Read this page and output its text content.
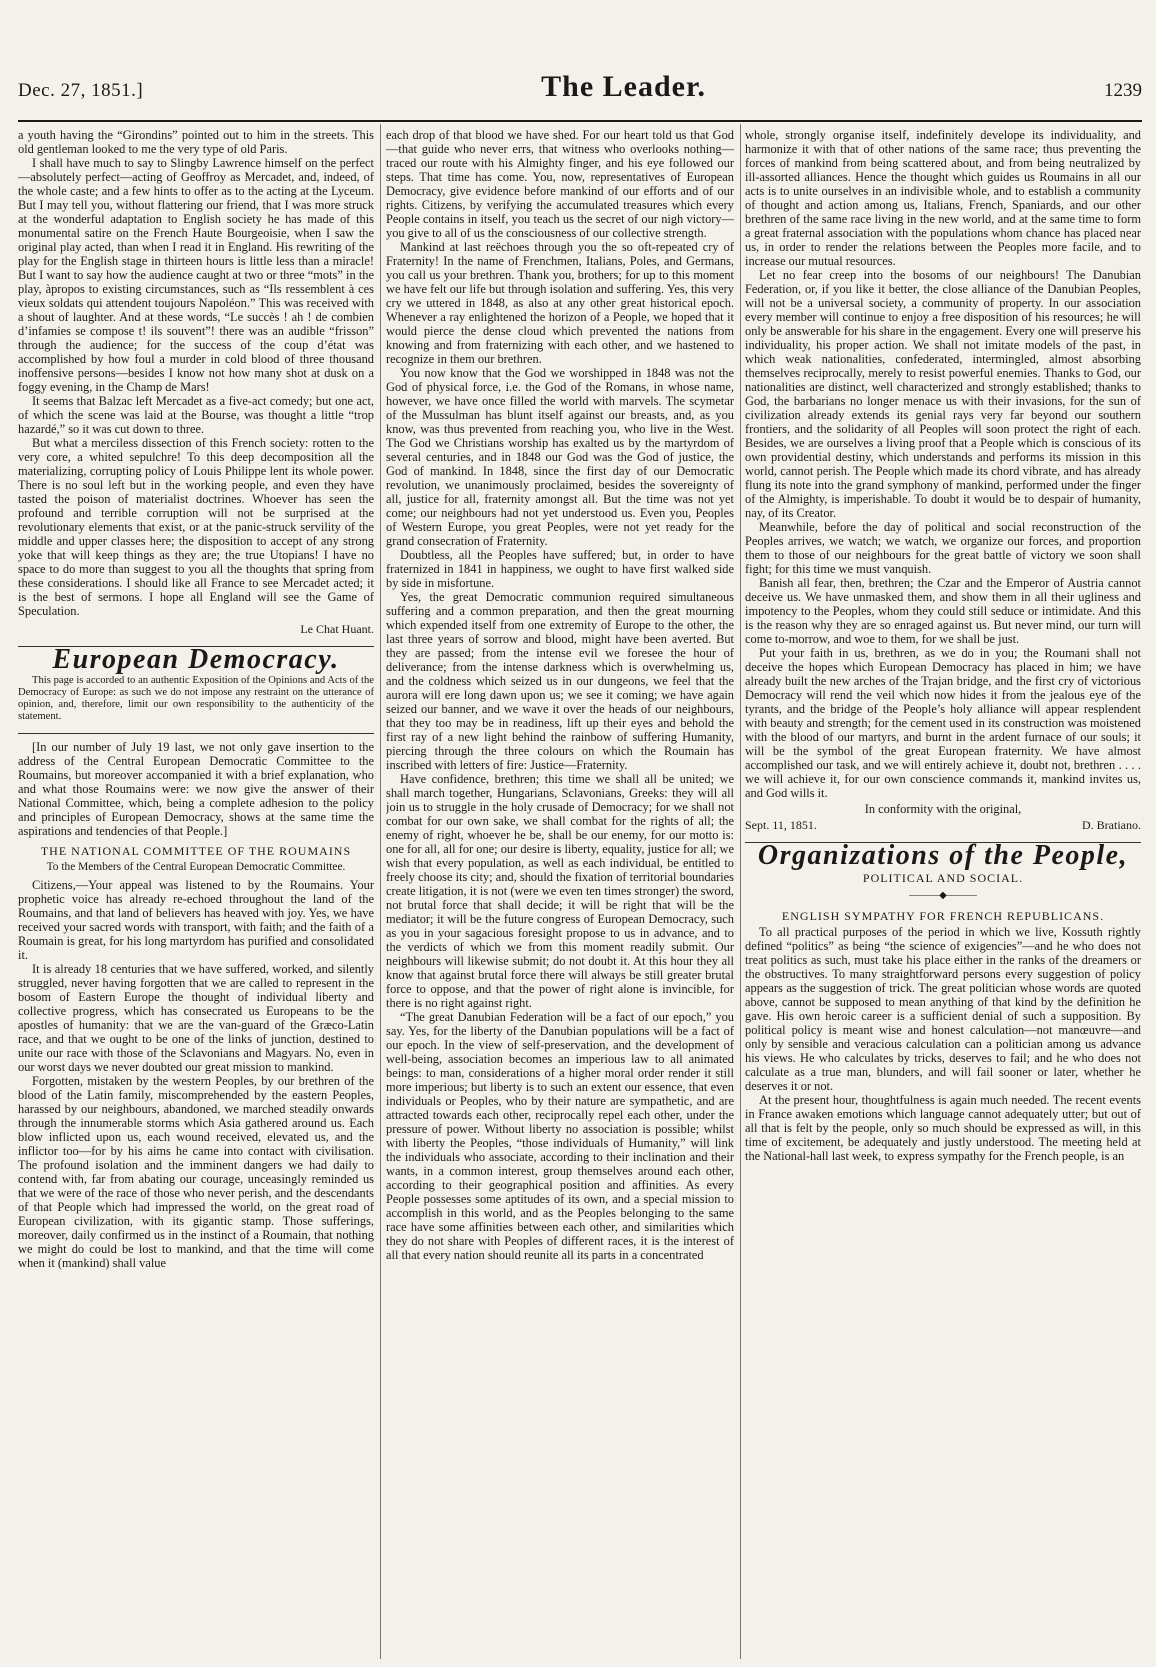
Dec. 27, 1851.]	The Leader.	1239

a youth having the “Girondins” pointed out to him in the streets. This old gentleman looked to me the very type of old Paris.

I shall have much to say to Slingby Lawrence himself on the perfect—absolutely perfect—acting of Geoffroy as Mercadet, and, indeed, of the whole caste; and a few hints to offer as to the acting at the Lyceum. But I may tell you, without flattering our friend, that I was more struck at the wonderful adaptation to English society he has made of this monumental satire on the French Haute Bourgeoisie, when I saw the original play acted, than when I read it in England. His rewriting of the play for the English stage in thirteen hours is little less than a miracle! But I want to say how the audience caught at two or three “mots” in the play, àpropos to existing circumstances, such as “Ils ressemblent à ces vieux soldats qui attendent toujours Napoléon.” This was received with a shout of laughter. And at these words, “Le succès ! ah ! de combien d’infamies se compose t! ils souvent”! there was an audible “frisson” through the audience; for the success of the coup d’état was accomplished by how foul a murder in cold blood of three thousand inoffensive persons—besides I know not how many shot at dusk on a foggy evening, in the Champ de Mars!

It seems that Balzac left Mercadet as a five-act comedy; but one act, of which the scene was laid at the Bourse, was thought a little “trop hazardé,” so it was cut down to three.

But what a merciless dissection of this French society: rotten to the very core, a whited sepulchre! To this deep decomposition all the materializing, corrupting policy of Louis Philippe lent its whole power. There is no soul left but in the working people, and even they have tasted the poison of materialist doctrines. Whoever has seen the profound and terrible corruption will not be surprised at the revolutionary elements that exist, or at the panic-struck servility of the middle and upper classes here; the disposition to accept of any strong yoke that will keep things as they are; the true Utopians! I have no space to do more than suggest to you all the thoughts that spring from these considerations. I should like all France to see Mercadet acted; it is the best of sermons. I hope all England will see the Game of Speculation.

Le Chat Huant.
European Democracy.

This page is accorded to an authentic Exposition of the Opinions and Acts of the Democracy of Europe: as such we do not impose any restraint on the utterance of opinion, and, therefore, limit our own responsibility to the authenticity of the statement.

[In our number of July 19 last, we not only gave insertion to the address of the Central European Democratic Committee to the Roumains, but moreover accompanied it with a brief explanation, who and what those Roumains were: we now give the answer of their National Committee, which, being a complete adhesion to the policy and principles of European Democracy, shows at the same time the aspirations and tendencies of that People.]

THE NATIONAL COMMITTEE OF THE ROUMAINS
To the Members of the Central European Democratic Committee.

Citizens,—Your appeal was listened to by the Roumains. Your prophetic voice has already re-echoed throughout the land of the Roumains, and that land of believers has heaved with joy. Yes, we have received your sacred words with transport, with faith; and the faith of a Roumain is great, for his long martyrdom has purified and consolidated it.

It is already 18 centuries that we have suffered, worked, and silently struggled, never having forgotten that we are called to represent in the bosom of Eastern Europe the thought of individual liberty and collective progress, which has consecrated us Europeans to be the apostles of humanity: that we are the van-guard of the Græco-Latin race, and that we ought to be one of the links of junction, destined to unite our race with those of the Sclavonians and Magyars. No, even in our worst days we never doubted our great mission to mankind.

Forgotten, mistaken by the western Peoples, by our brethren of the blood of the Latin family, miscomprehended by the eastern Peoples, harassed by our neighbours, abandoned, we marched steadily onwards through the innumerable storms which Asia gathered around us. Each blow inflicted upon us, each wound received, elevated us, and the inflictor too—for by his aims he came into contact with civilisation. The profound isolation and the imminent dangers we had daily to contend with, far from abating our courage, unceasingly reminded us that we were of the race of those who never perish, and the descendants of that People which had impressed the world, on the great road of European civilization, with its gigantic stamp. Those sufferings, moreover, daily confirmed us in the instinct of a Roumain, that nothing we might do could be lost to mankind, and that the time will come when it (mankind) shall value

each drop of that blood we have shed. For our heart told us that God—that guide who never errs, that witness who overlooks nothing—traced our route with his Almighty finger, and his eye followed our steps. That time has come. You, now, representatives of European Democracy, give evidence before mankind of our efforts and of our rights. Citizens, by verifying the accumulated treasures which every People contains in itself, you teach us the secret of our nigh victory—you give to all of us the consciousness of our collective strength.

Mankind at last reëchoes through you the so oft-repeated cry of Fraternity! In the name of Frenchmen, Italians, Poles, and Germans, you call us your brethren. Thank you, brothers; for up to this moment we have felt our life but through isolation and suffering. Yes, this very cry we uttered in 1848, as also at any other great historical epoch. Whenever a ray enlightened the horizon of a People, we hoped that it would pierce the dense cloud which prevented the nations from knowing and from fraternizing with each other, and we hastened to recognize in them our brethren.

You now know that the God we worshipped in 1848 was not the God of physical force, i.e. the God of the Romans, in whose name, however, we have once filled the world with marvels. The scymetar of the Mussulman has blunt itself against our breasts, and, as you know, was thus prevented from reaching you, who live in the West. The God we Christians worship has exalted us by the martyrdom of several centuries, and in 1848 our God was the God of justice, the God of mankind. In 1848, since the first day of our Democratic revolution, we unanimously proclaimed, besides the sovereignty of all, justice for all, fraternity amongst all. But the time was not yet come; our neighbours had not yet understood us. Even you, Peoples of Western Europe, you great Peoples, were not yet ready for the grand consecration of Fraternity.

Doubtless, all the Peoples have suffered; but, in order to have fraternized in 1841 in happiness, we ought to have first walked side by side in misfortune.

Yes, the great Democratic communion required simultaneous suffering and a common preparation, and then the great mourning which expended itself from one extremity of Europe to the other, the last three years of sorrow and blood, might have been averted. But they are passed; from the intense evil we foresee the hour of deliverance; from the intense darkness which is overwhelming us, and the coldness which seized us in our dungeons, we feel that the aurora will ere long dawn upon us; we see it coming; we have again seized our banner, and we wave it over the heads of our neighbours, that they too may be in readiness, lift up their eyes and behold the first ray of a new light behind the rainbow of suffering Humanity, piercing through the three colours on which the Roumain has inscribed with letters of fire: Justice—Fraternity.

Have confidence, brethren; this time we shall all be united; we shall march together, Hungarians, Sclavonians, Greeks: they will all join us to struggle in the holy crusade of Democracy; for we shall not combat for our own sake, we shall combat for the rights of all; the enemy of right, whoever he be, shall be our enemy, for our motto is: one for all, all for one; our desire is liberty, equality, justice for all; we wish that every population, as well as each individual, be entitled to freely choose its city; and, should the fixation of territorial boundaries create litigation, it is not (were we even ten times stronger) the sword, not brutal force that shall decide; it will be right that will be the mediator; it will be the future congress of European Democracy, such as you in your sagacious foresight propose to us in advance, and to the verdicts of which we from this moment readily submit. Our neighbours will likewise submit; do not doubt it. At this hour they all know that against brutal force there will always be still greater brutal force to oppose, and that the power of right alone is invincible, for there is no right against right.

“The great Danubian Federation will be a fact of our epoch,” you say. Yes, for the liberty of the Danubian populations will be a fact of our epoch. In the view of self-preservation, and the development of well-being, association becomes an imperious law to all animated beings: to man, considerations of a higher moral order render it still more imperious; but liberty is to such an extent our essence, that even individuals or Peoples, who by their nature are sympathetic, and are attracted towards each other, reciprocally repel each other, under the pressure of power. Without liberty no association is possible; whilst with liberty the Peoples, “those individuals of Humanity,” will link the individuals who associate, according to their inclination and their wants, in a common interest, group themselves around each other, according to their geographical position and affinities. As every People possesses some aptitudes of its own, and a special mission to accomplish in this world, and as the Peoples belonging to the same race have some affinities between each other, and similarities which they do not share with Peoples of different races, it is the interest of all that every nation should reunite all its parts in a concentrated

whole, strongly organise itself, indefinitely develope its individuality, and harmonize it with that of other nations of the same race; thus preventing the forces of mankind from being scattered about, and from being neutralized by ill-assorted alliances. Hence the thought which guides us Roumains in all our acts is to unite ourselves in an indivisible whole, and to establish a community of thought and action among us, Italians, French, Spaniards, and our other brethren of the same race living in the new world, and at the same time to form a great fraternal association with the populations whom chance has placed near us, in order to render the relations between the Peoples more facile, and to increase our mutual resources.

Let no fear creep into the bosoms of our neighbours! The Danubian Federation, or, if you like it better, the close alliance of the Danubian Peoples, will not be a universal society, a community of property. In our association every member will continue to enjoy a free disposition of his resources; he will only be answerable for his share in the engagement. Every one will preserve his individuality, his proper action. We shall not imitate models of the past, in which weak nationalities, confederated, intermingled, almost absorbing themselves reciprocally, merely to resist powerful enemies. Thanks to God, our nationalities are distinct, well characterized and strongly established; thanks to God, the barbarians no longer menace us with their invasions, for the sun of civilization already extends its genial rays very far beyond our southern frontiers, and the solidarity of all Peoples will soon protect the right of each. Besides, we are ourselves a living proof that a People which is conscious of its own providential destiny, which understands and performs its mission in this world, cannot perish. The People which made its chord vibrate, and has already flung its note into the grand symphony of mankind, performed under the finger of the Almighty, is imperishable. To doubt it would be to despair of humanity, nay, of its Creator.

Meanwhile, before the day of political and social reconstruction of the Peoples arrives, we watch; we watch, we organize our forces, and proportion them to those of our neighbours for the great battle of victory we soon shall fight; for this time we must vanquish.

Banish all fear, then, brethren; the Czar and the Emperor of Austria cannot deceive us. We have unmasked them, and show them in all their ugliness and impotency to the Peoples, whom they could still seduce or intimidate. And this is the reason why they are so enraged against us. But never mind, our turn will come to-morrow, and woe to them, for we shall be just.

Put your faith in us, brethren, as we do in you; the Roumani shall not deceive the hopes which European Democracy has placed in him; we have already built the new arches of the Trajan bridge, and the first cry of victorious Democracy will rend the veil which now hides it from the jealous eye of the tyrants, and the bridge of the People’s holy alliance will appear resplendent with beauty and strength; for the cement used in its construction was moistened with the blood of our martyrs, and burnt in the ardent furnace of our souls; it will be the symbol of the great European fraternity. We have almost accomplished our task, and we will entirely achieve it, doubt not, brethren . . . . we will achieve it, for our own conscience commands it, mankind invites us, and God wills it.

In conformity with the original,
Sept. 11, 1851.	D. Bratiano.
Organizations of the People,
POLITICAL AND SOCIAL.
———◆———
ENGLISH SYMPATHY FOR FRENCH REPUBLICANS.

To all practical purposes of the period in which we live, Kossuth rightly defined “politics” as being “the science of exigencies”—and he who does not treat politics as such, must take his place either in the ranks of the dreamers or the obstructives. To many straightforward persons every suggestion of policy appears as the suggestion of trick. The great politician whose words are quoted above, cannot be supposed to mean anything of that kind by the definition he gave. His own heroic career is a sufficient denial of such a supposition. By political policy is meant wise and honest calculation—not manœuvre—and only by sensible and veracious calculation can a politician among us advance his views. He who calculates by tricks, deserves to fail; and he who does not calculate as a true man, blunders, and will fail sooner or later, whether he deserves it or not.

At the present hour, thoughtfulness is again much needed. The recent events in France awaken emotions which language cannot adequately utter; but out of all that is felt by the people, only so much should be expressed as will, in this time of excitement, be adequately and justly understood. The meeting held at the National-hall last week, to express sympathy for the French people, is an
